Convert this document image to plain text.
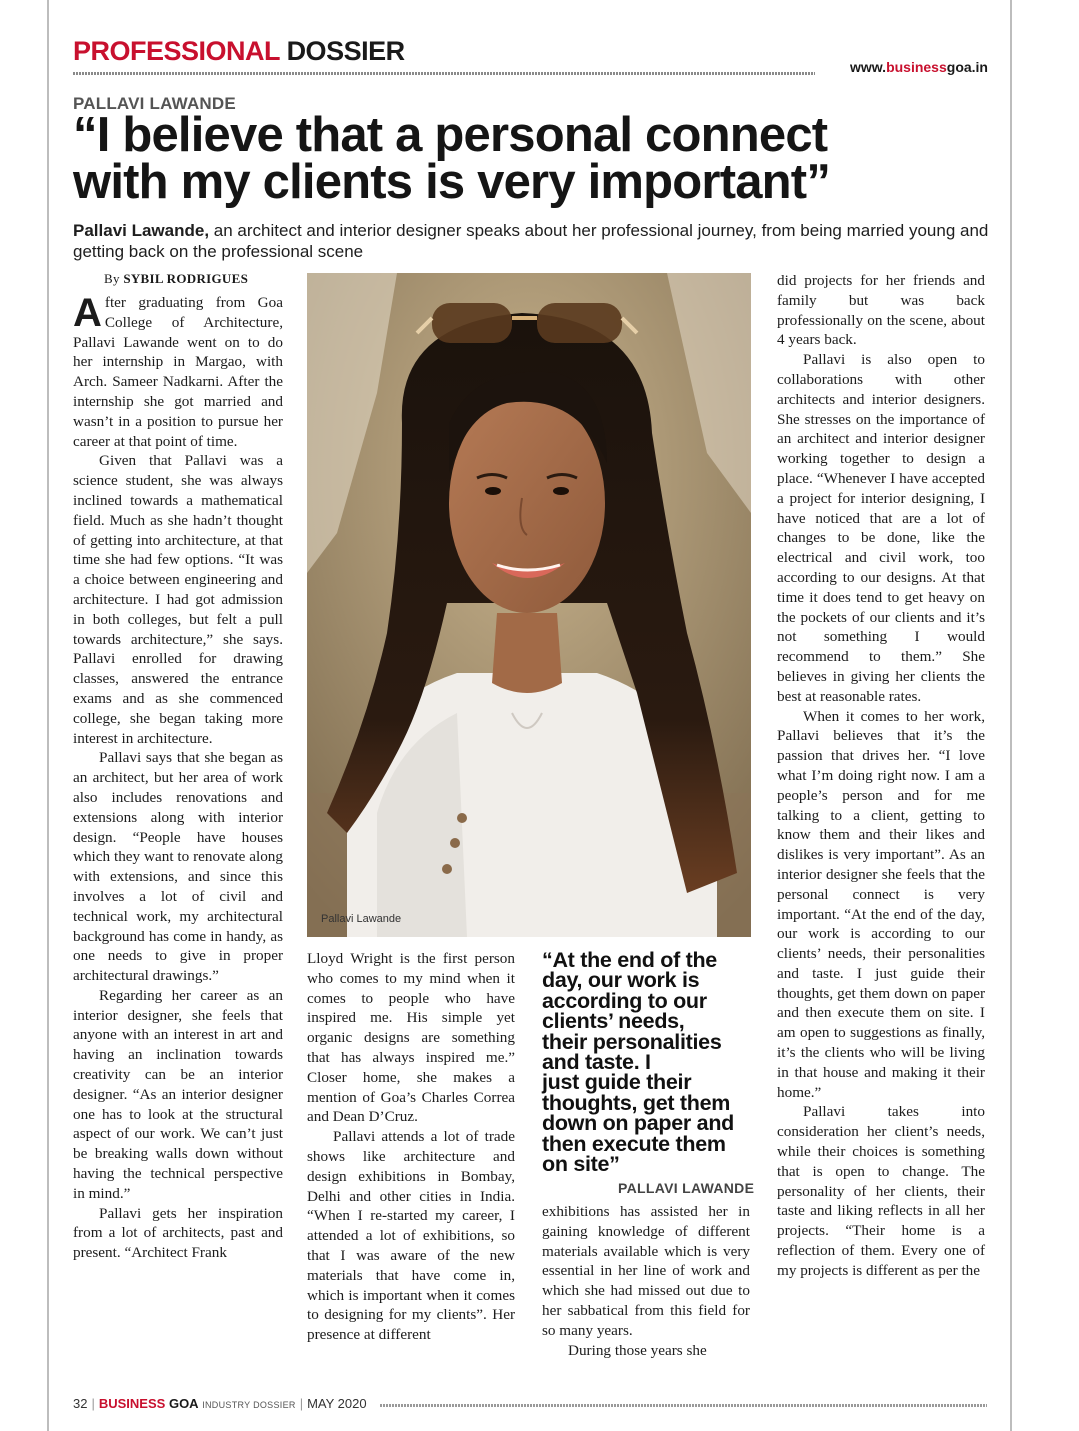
PROFESSIONAL DOSSIER
www.businessgoa.in
PALLAVI LAWANDE
“I believe that a personal connect
with my clients is very important”

Pallavi Lawande, an architect and interior designer speaks about her professional journey, from being married young and getting back on the professional scene

By SYBIL RODRIGUES

After graduating from Goa College of Architecture, Pallavi Lawande went on to do her internship in Margao, with Arch. Sameer Nadkarni. After the internship she got married and wasn’t in a position to pursue her career at that point of time.

Given that Pallavi was a science student, she was always inclined towards a mathematical field. Much as she hadn’t thought of getting into architecture, at that time she had few options. “It was a choice between engineering and architecture. I had got admission in both colleges, but felt a pull towards architecture,” she says. Pallavi enrolled for drawing classes, answered the entrance exams and as she commenced college, she began taking more interest in architecture.

Pallavi says that she began as an architect, but her area of work also includes renovations and extensions along with interior design. “People have houses which they want to renovate along with extensions, and since this involves a lot of civil and technical work, my architectural background has come in handy, as one needs to give in proper architectural drawings.”

Regarding her career as an interior designer, she feels that anyone with an interest in art and having an inclination towards creativity can be an interior designer. “As an interior designer one has to look at the structural aspect of our work. We can’t just be breaking walls down without having the technical perspective in mind.”

Pallavi gets her inspiration from a lot of architects, past and present. “Architect Frank

Pallavi Lawande

Lloyd Wright is the first person who comes to my mind when it comes to people who have inspired me. His simple yet organic designs are something that has always inspired me.” Closer home, she makes a mention of Goa’s Charles Correa and Dean D’Cruz.

Pallavi attends a lot of trade shows like architecture and design exhibitions in Bombay, Delhi and other cities in India. “When I re-started my career, I attended a lot of exhibitions, so that I was aware of the new materials that have come in, which is important when it comes to designing for my clients”. Her presence at different

“At the end of the
day, our work is
according to our
clients’ needs,
their personalities
and taste. I
just guide their
thoughts, get them
down on paper and
then execute them
on site”
PALLAVI LAWANDE

exhibitions has assisted her in gaining knowledge of different materials available which is very essential in her line of work and which she had missed out due to her sabbatical from this field for so many years.

During those years she

did projects for her friends and family but was back professionally on the scene, about 4 years back.

Pallavi is also open to collaborations with other architects and interior designers. She stresses on the importance of an architect and interior designer working together to design a place. “Whenever I have accepted a project for interior designing, I have noticed that are a lot of changes to be done, like the electrical and civil work, too according to our designs. At that time it does tend to get heavy on the pockets of our clients and it’s not something I would recommend to them.” She believes in giving her clients the best at reasonable rates.

When it comes to her work, Pallavi believes that it’s the passion that drives her. “I love what I’m doing right now. I am a people’s person and for me talking to a client, getting to know them and their likes and dislikes is very important”. As an interior designer she feels that the personal connect is very important. “At the end of the day, our work is according to our clients’ needs, their personalities and taste. I just guide their thoughts, get them down on paper and then execute them on site. I am open to suggestions as finally, it’s the clients who will be living in that house and making it their home.”

Pallavi takes into consideration her client’s needs, while their choices is something that is open to change. The personality of her clients, their taste and liking reflects in all her projects. “Their home is a reflection of them. Every one of my projects is different as per the

32 | BUSINESS GOA INDUSTRY DOSSIER | MAY 2020
